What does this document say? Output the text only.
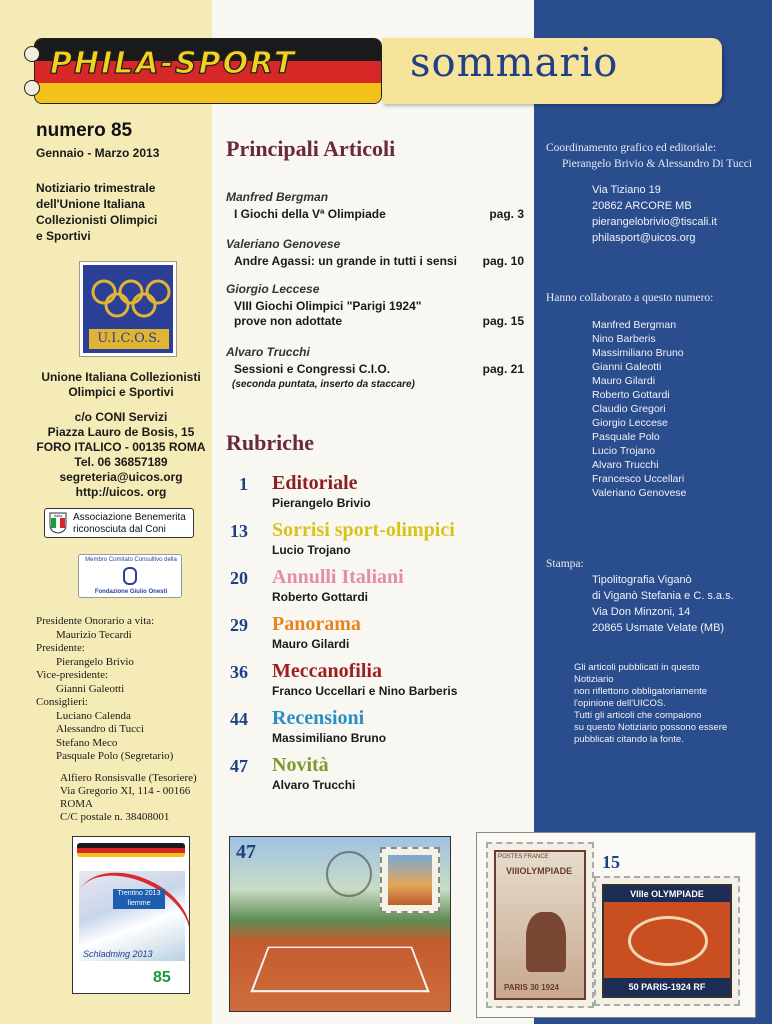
PHILA-SPORT	sommario
numero 85
Gennaio - Marzo 2013
Notiziario trimestrale
dell'Unione Italiana
Collezionisti Olimpici
e Sportivi
U.I.C.O.S.
Unione Italiana Collezionisti
Olimpici e Sportivi
c/o CONI Servizi
Piazza Lauro de Bosis, 15
FORO ITALICO - 00135 ROMA
Tel. 06 36857189
segreteria@uicos.org
http://uicos. org
Italia Associazione Benemerita
riconosciuta dal Coni
Membro Comitato Consultivo della
Fondazione Giulio Onesti
Presidente Onorario a vita:
Maurizio Tecardi
Presidente:
Pierangelo Brivio
Vice-presidente:
Gianni Galeotti
Consiglieri:
Luciano Calenda
Alessandro di Tucci
Stefano Meco
Pasquale Polo (Segretario)
Alfiero Ronsisvalle (Tesoriere)
Via Gregorio XI, 114 - 00166 ROMA
C/C postale n. 38408001
Trentino 2013 fiemme
Schladming 2013
85
Principali Articoli
Manfred Bergman
I Giochi della Vª Olimpiade	pag. 3
Valeriano Genovese
Andre Agassi: un grande in tutti i sensi	pag. 10
Giorgio Leccese
VIII Giochi Olimpici "Parigi 1924"
prove non adottate	pag. 15
Alvaro Trucchi
Sessioni e Congressi C.I.O.	pag. 21
(seconda puntata, inserto da staccare)
Rubriche
1 Editoriale
Pierangelo Brivio
13 Sorrisi sport-olimpici
Lucio Trojano
20 Annulli Italiani
Roberto Gottardi
29 Panorama
Mauro Gilardi
36 Meccanofilia
Franco Uccellari e Nino Barberis
44 Recensioni
Massimiliano Bruno
47 Novità
Alvaro Trucchi
47
Coordinamento grafico ed editoriale:
Pierangelo Brivio & Alessandro Di Tucci
Via Tiziano 19
20862 ARCORE MB
pierangelobrivio@tiscali.it
philasport@uicos.org
Hanno collaborato a questo numero:
Manfred Bergman
Nino Barberis
Massimiliano Bruno
Gianni Galeotti
Mauro Gilardi
Roberto Gottardi
Claudio Gregori
Giorgio Leccese
Pasquale Polo
Lucio Trojano
Alvaro Trucchi
Francesco Uccellari
Valeriano Genovese
Stampa:
Tipolitografia Viganò
di Viganò Stefania e C. s.a.s.
Via Don Minzoni, 14
20865 Usmate Velate (MB)
Gli articoli pubblicati in questo Notiziario
non riflettono obbligatoriamente
l'opinione dell'UICOS.
Tutti gli articoli che compaiono
su questo Notiziario possono essere
pubblicati citando la fonte.
POSTES FRANCE
VIIIOLYMPIADE
PARIS 30 1924
15
VIIIe OLYMPIADE
50 PARIS-1924 RF
